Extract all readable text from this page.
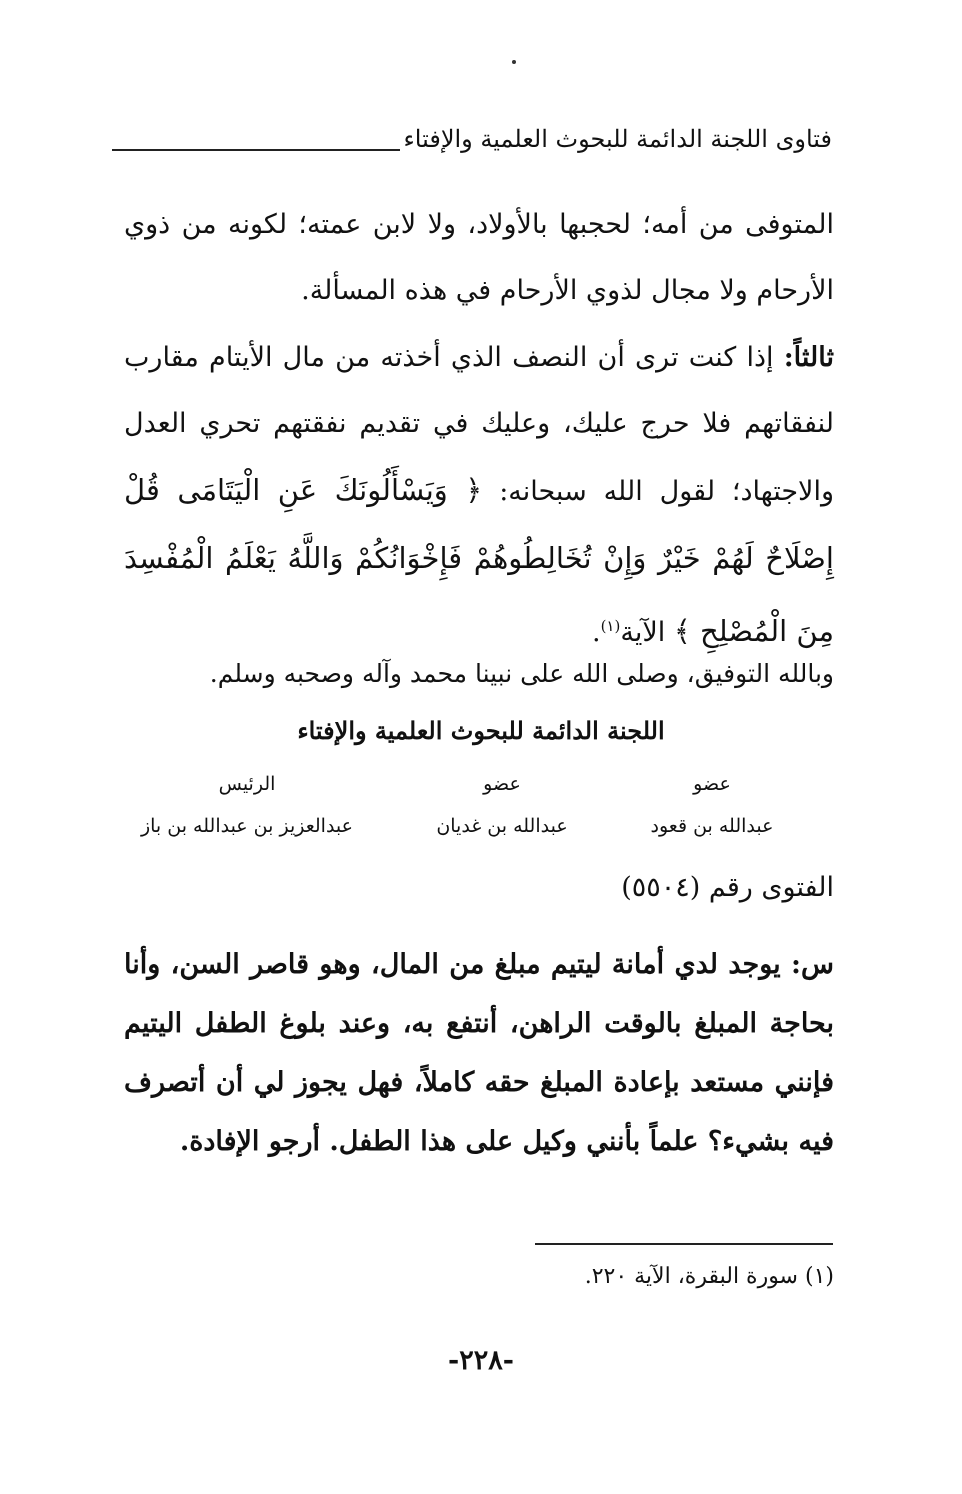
فتاوى اللجنة الدائمة للبحوث العلمية والإفتاء
المتوفى من أمه؛ لحجبها بالأولاد، ولا لابن عمته؛ لكونه من ذوي الأرحام ولا مجال لذوي الأرحام في هذه المسألة.
ثالثاً: إذا كنت ترى أن النصف الذي أخذته من مال الأيتام مقارب لنفقاتهم فلا حرج عليك، وعليك في تقديم نفقتهم تحري العدل والاجتهاد؛ لقول الله سبحانه: ﴿ وَيَسْأَلُونَكَ عَنِ الْيَتَامَى قُلْ إِصْلَاحٌ لَهُمْ خَيْرٌ وَإِنْ تُخَالِطُوهُمْ فَإِخْوَانُكُمْ وَاللَّهُ يَعْلَمُ الْمُفْسِدَ مِنَ الْمُصْلِحِ ﴾ الآية$^{(١)}$.
وبالله التوفيق، وصلى الله على نبينا محمد وآله وصحبه وسلم.
اللجنة الدائمة للبحوث العلمية والإفتاء
عضو
عبدالله بن قعود
عضو
عبدالله بن غديان
الرئيس
عبدالعزيز بن عبدالله بن باز
الفتوى رقم (٥٥٠٤)
س: يوجد لدي أمانة ليتيم مبلغ من المال، وهو قاصر السن، وأنا بحاجة المبلغ بالوقت الراهن، أنتفع به، وعند بلوغ الطفل اليتيم فإنني مستعد بإعادة المبلغ حقه كاملاً، فهل يجوز لي أن أتصرف فيه بشيء؟ علماً بأنني وكيل على هذا الطفل. أرجو الإفادة.
(١) سورة البقرة، الآية ٢٢٠.
-٢٢٨-
